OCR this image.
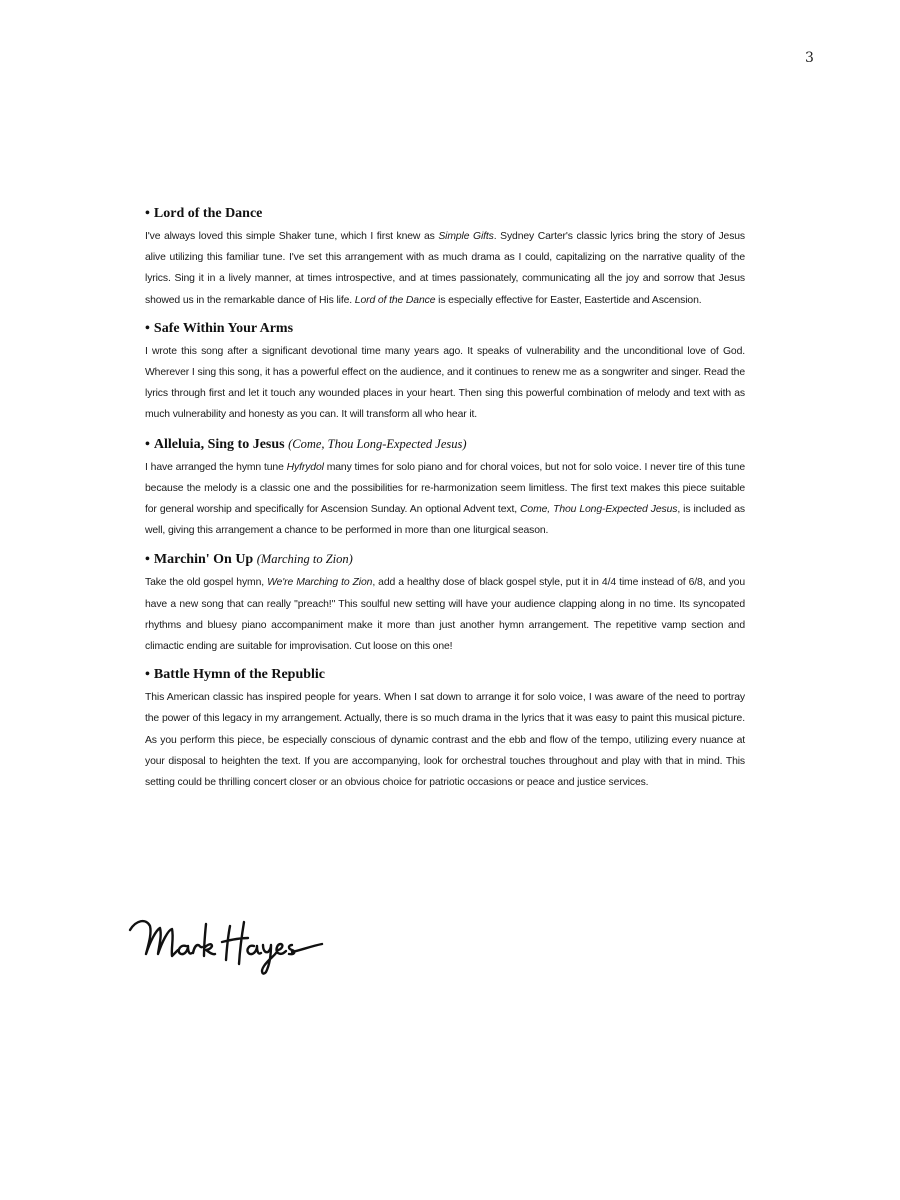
3
• Lord of the Dance

I've always loved this simple Shaker tune, which I first knew as Simple Gifts. Sydney Carter's classic lyrics bring the story of Jesus alive utilizing this familiar tune. I've set this arrangement with as much drama as I could, capitalizing on the narrative quality of the lyrics. Sing it in a lively manner, at times introspective, and at times passionately, communicating all the joy and sorrow that Jesus showed us in the remarkable dance of His life. Lord of the Dance is especially effective for Easter, Eastertide and Ascension.

• Safe Within Your Arms

I wrote this song after a significant devotional time many years ago. It speaks of vulnerability and the unconditional love of God. Wherever I sing this song, it has a powerful effect on the audience, and it continues to renew me as a songwriter and singer. Read the lyrics through first and let it touch any wounded places in your heart. Then sing this powerful combination of melody and text with as much vulnerability and honesty as you can. It will transform all who hear it.

• Alleluia, Sing to Jesus (Come, Thou Long-Expected Jesus)

I have arranged the hymn tune Hyfrydol many times for solo piano and for choral voices, but not for solo voice. I never tire of this tune because the melody is a classic one and the possibilities for re-harmonization seem limitless. The first text makes this piece suitable for general worship and specifically for Ascension Sunday. An optional Advent text, Come, Thou Long-Expected Jesus, is included as well, giving this arrangement a chance to be performed in more than one liturgical season.

• Marchin' On Up (Marching to Zion)

Take the old gospel hymn, We're Marching to Zion, add a healthy dose of black gospel style, put it in 4/4 time instead of 6/8, and you have a new song that can really "preach!" This soulful new setting will have your audience clapping along in no time. Its syncopated rhythms and bluesy piano accompaniment make it more than just another hymn arrangement. The repetitive vamp section and climactic ending are suitable for improvisation. Cut loose on this one!

• Battle Hymn of the Republic

This American classic has inspired people for years. When I sat down to arrange it for solo voice, I was aware of the need to portray the power of this legacy in my arrangement. Actually, there is so much drama in the lyrics that it was easy to paint this musical picture. As you perform this piece, be especially conscious of dynamic contrast and the ebb and flow of the tempo, utilizing every nuance at your disposal to heighten the text. If you are accompanying, look for orchestral touches throughout and play with that in mind. This setting could be thrilling concert closer or an obvious choice for patriotic occasions or peace and justice services.
